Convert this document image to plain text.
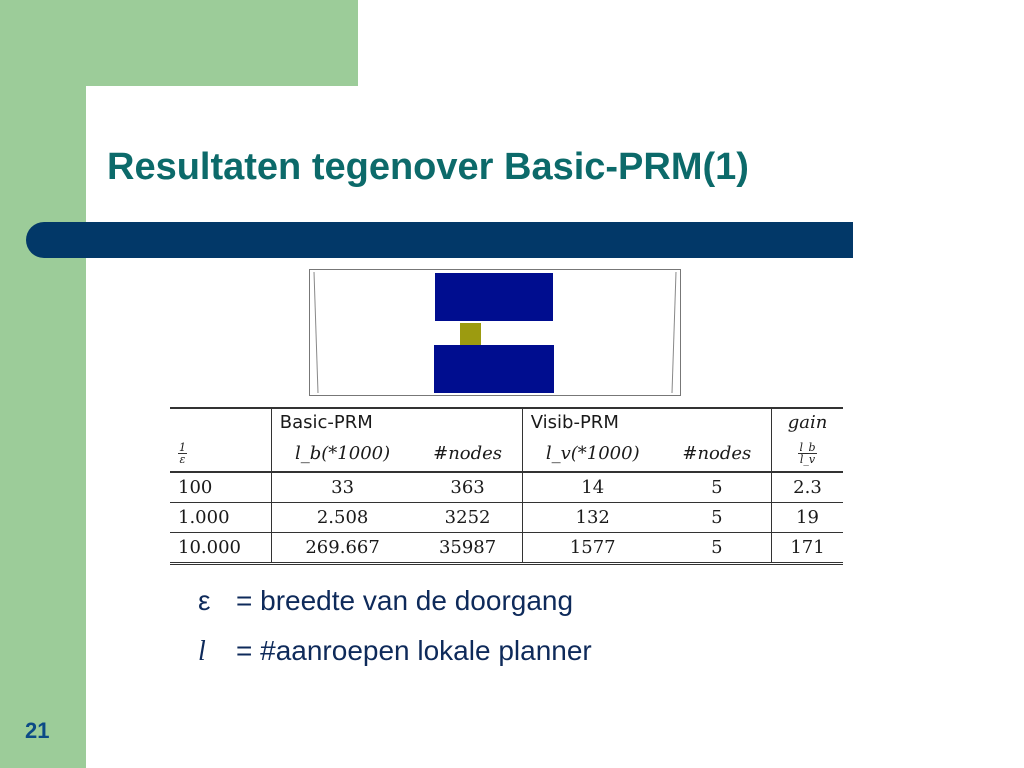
Resultaten tegenover Basic-PRM(1)
	Basic-PRM		Visib-PRM		gain

$\frac{1}{\varepsilon}$	l_b(*1000)	#nodes	l_v(*1000)	#nodes	$\frac{l\_b}{l\_v}$

100	33	363	14	5	2.3
1.000	2.508	3252	132	5	19
10.000	269.667	35987	1577	5	171
ε = breedte van de doorgang
l = #aanroepen lokale planner
21
